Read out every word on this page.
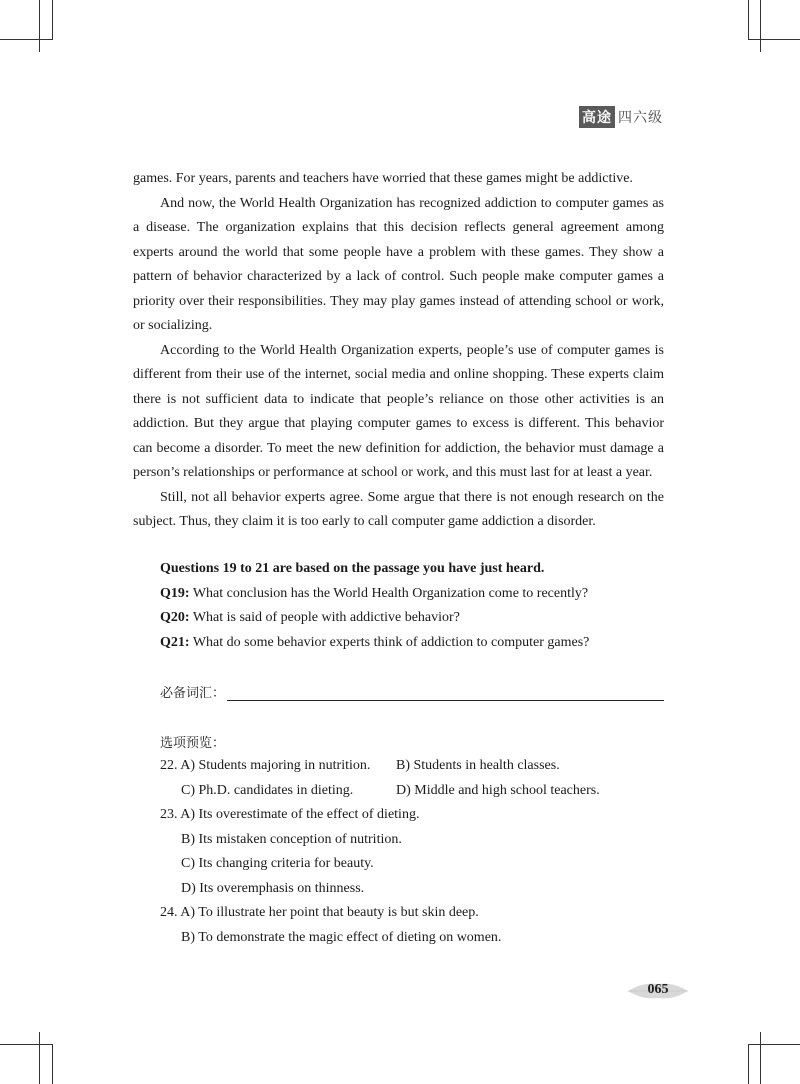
高途 四六级

games. For years, parents and teachers have worried that these games might be addictive.

And now, the World Health Organization has recognized addiction to computer games as a disease. The organization explains that this decision reflects general agreement among experts around the world that some people have a problem with these games. They show a pattern of behavior characterized by a lack of control. Such people make computer games a priority over their responsibilities. They may play games instead of attending school or work, or socializing.

According to the World Health Organization experts, people’s use of computer games is different from their use of the internet, social media and online shopping. These experts claim there is not sufficient data to indicate that people’s reliance on those other activities is an addiction. But they argue that playing computer games to excess is different. This behavior can become a disorder. To meet the new definition for addiction, the behavior must damage a person’s relationships or performance at school or work, and this must last for at least a year.

Still, not all behavior experts agree. Some argue that there is not enough research on the subject. Thus, they claim it is too early to call computer game addiction a disorder.

Questions 19 to 21 are based on the passage you have just heard.
Q19: What conclusion has the World Health Organization come to recently?
Q20: What is said of people with addictive behavior?
Q21: What do some behavior experts think of addiction to computer games?
必备词汇：
选项预览：
22. A) Students majoring in nutrition.	B) Students in health classes.
C) Ph.D. candidates in dieting.	D) Middle and high school teachers.
23. A) Its overestimate of the effect of dieting.
B) Its mistaken conception of nutrition.
C) Its changing criteria for beauty.
D) Its overemphasis on thinness.
24. A) To illustrate her point that beauty is but skin deep.
B) To demonstrate the magic effect of dieting on women.
065
